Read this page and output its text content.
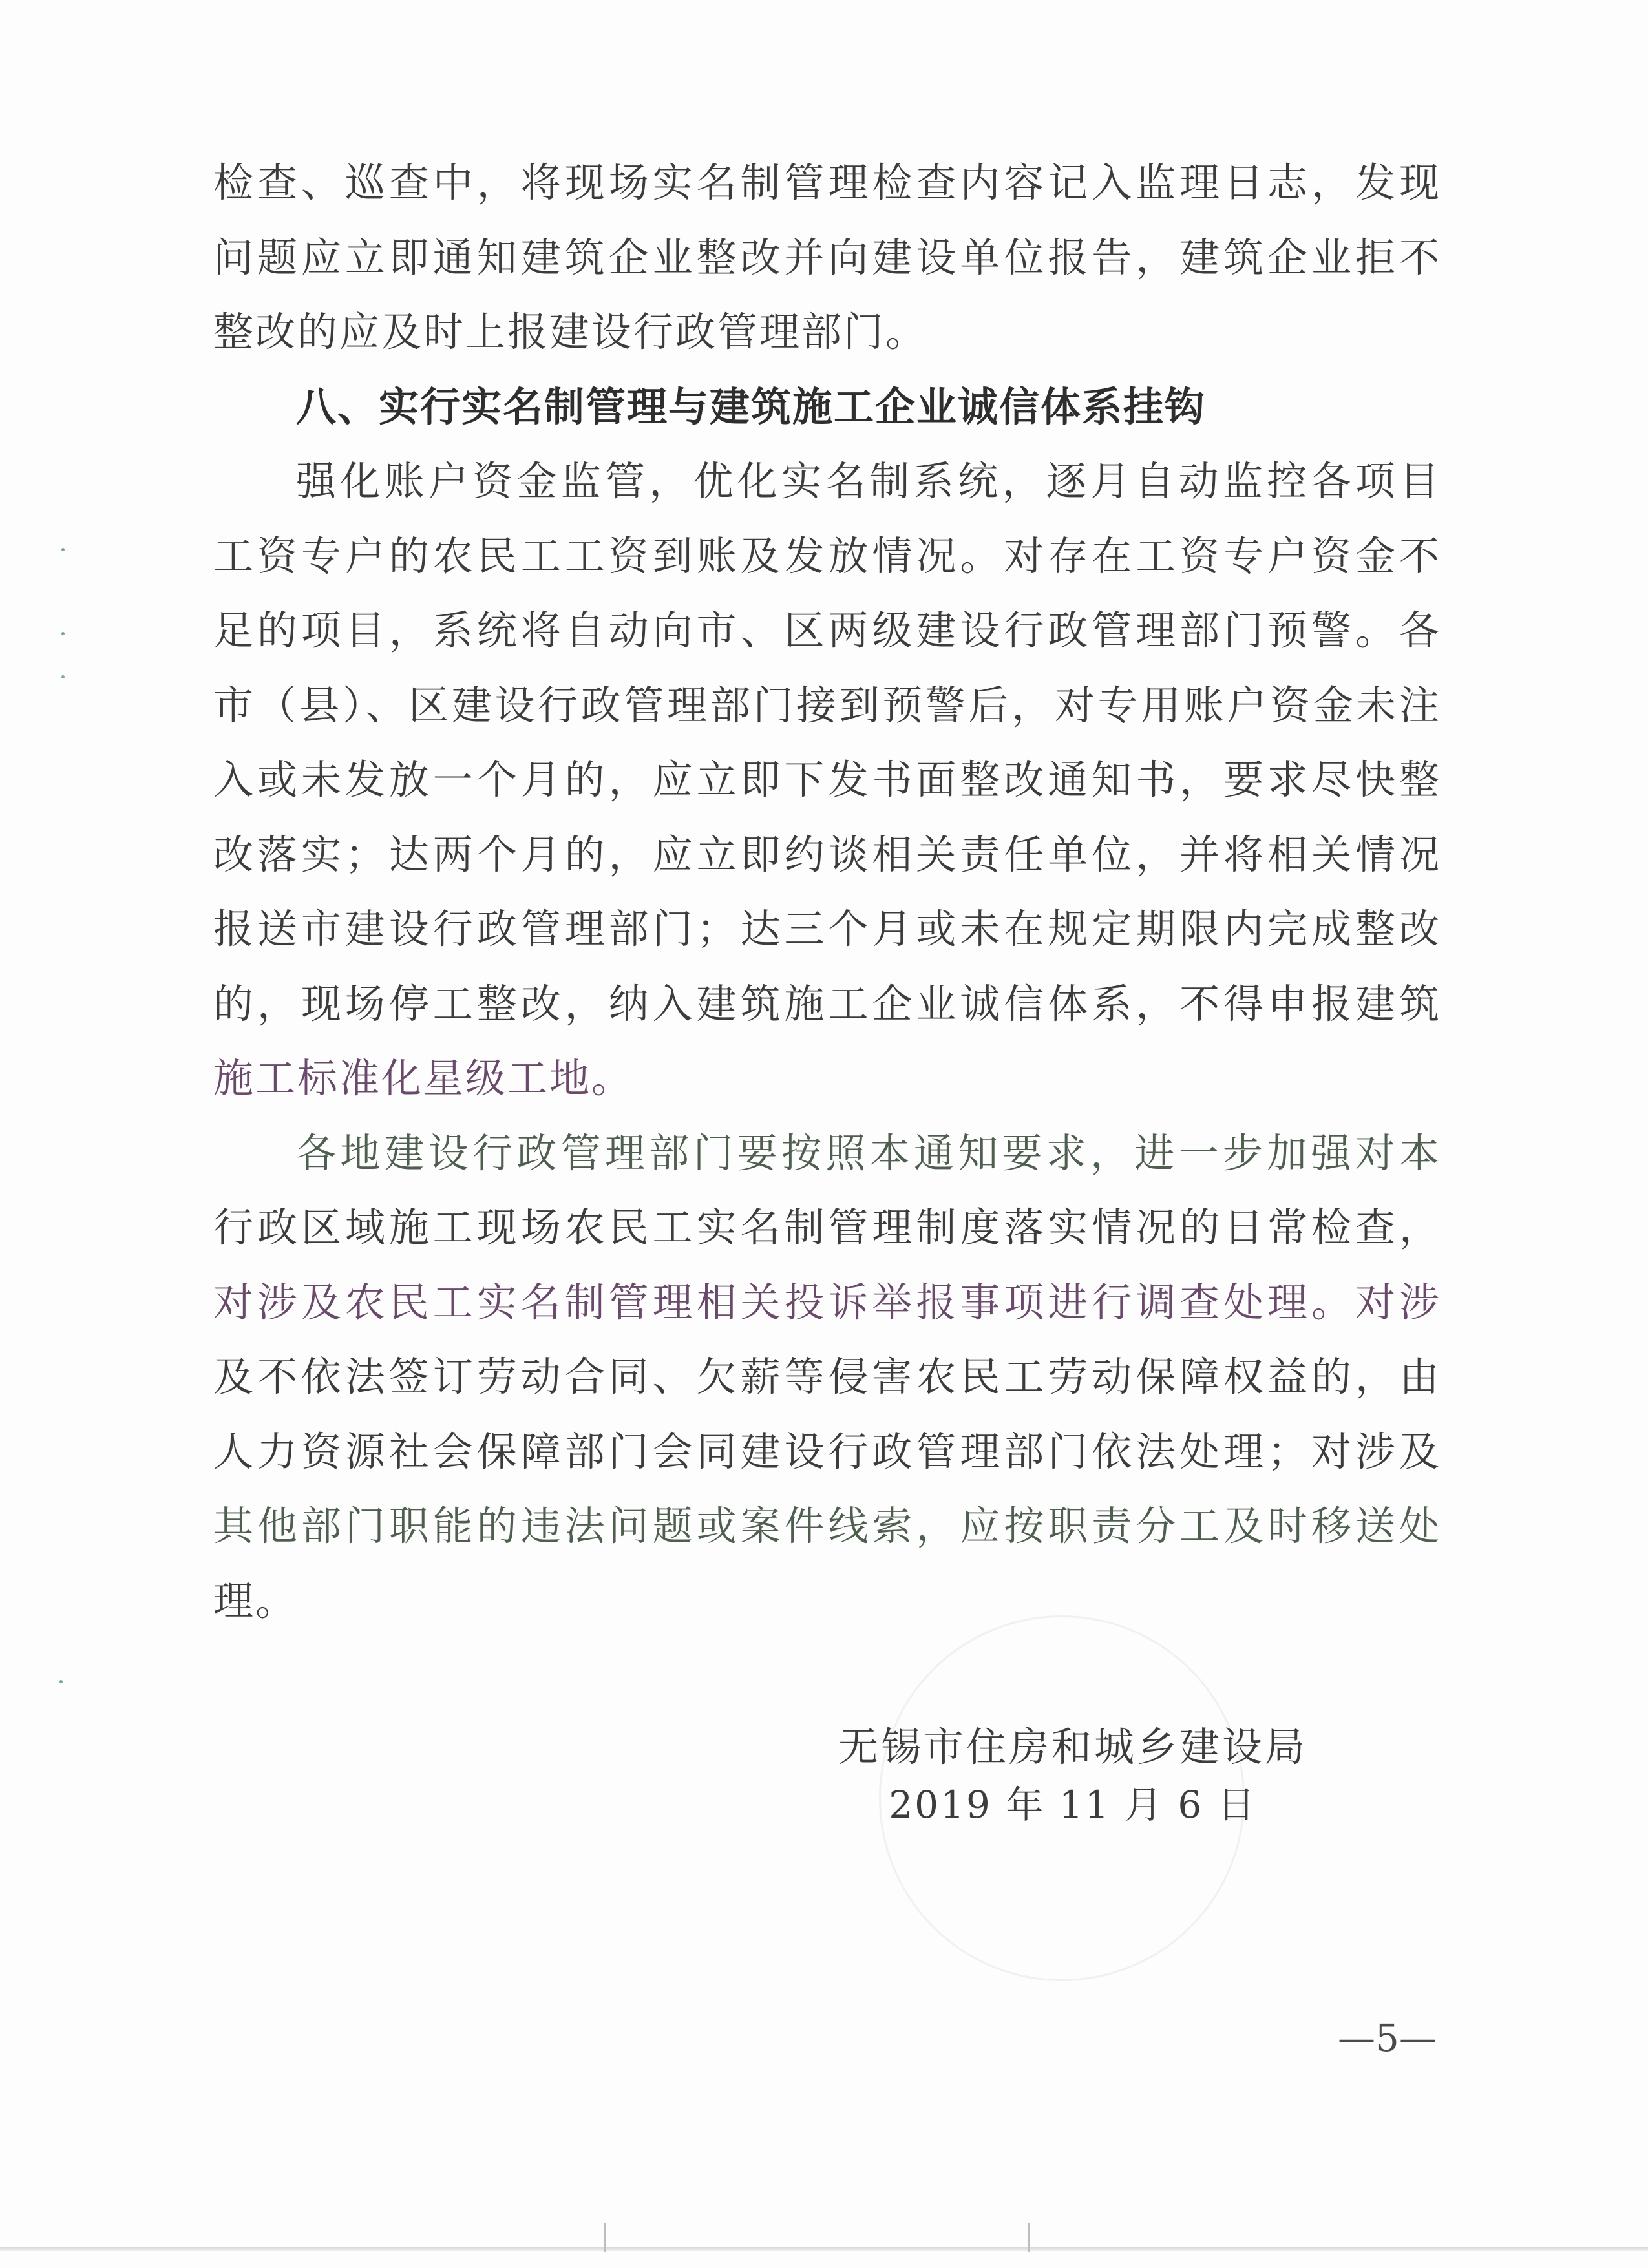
检查、巡查中，将现场实名制管理检查内容记入监理日志，发现
问题应立即通知建筑企业整改并向建设单位报告，建筑企业拒不
整改的应及时上报建设行政管理部门。
八、实行实名制管理与建筑施工企业诚信体系挂钩
强化账户资金监管，优化实名制系统，逐月自动监控各项目
工资专户的农民工工资到账及发放情况。对存在工资专户资金不
足的项目，系统将自动向市、区两级建设行政管理部门预警。各
市（县）、区建设行政管理部门接到预警后，对专用账户资金未注
入或未发放一个月的，应立即下发书面整改通知书，要求尽快整
改落实；达两个月的，应立即约谈相关责任单位，并将相关情况
报送市建设行政管理部门；达三个月或未在规定期限内完成整改
的，现场停工整改，纳入建筑施工企业诚信体系，不得申报建筑
施工标准化星级工地。
各地建设行政管理部门要按照本通知要求，进一步加强对本
行政区域施工现场农民工实名制管理制度落实情况的日常检查，
对涉及农民工实名制管理相关投诉举报事项进行调查处理。对涉
及不依法签订劳动合同、欠薪等侵害农民工劳动保障权益的，由
人力资源社会保障部门会同建设行政管理部门依法处理；对涉及
其他部门职能的违法问题或案件线索，应按职责分工及时移送处
理。
无锡市住房和城乡建设局
2019 年 11 月 6 日
—5—
